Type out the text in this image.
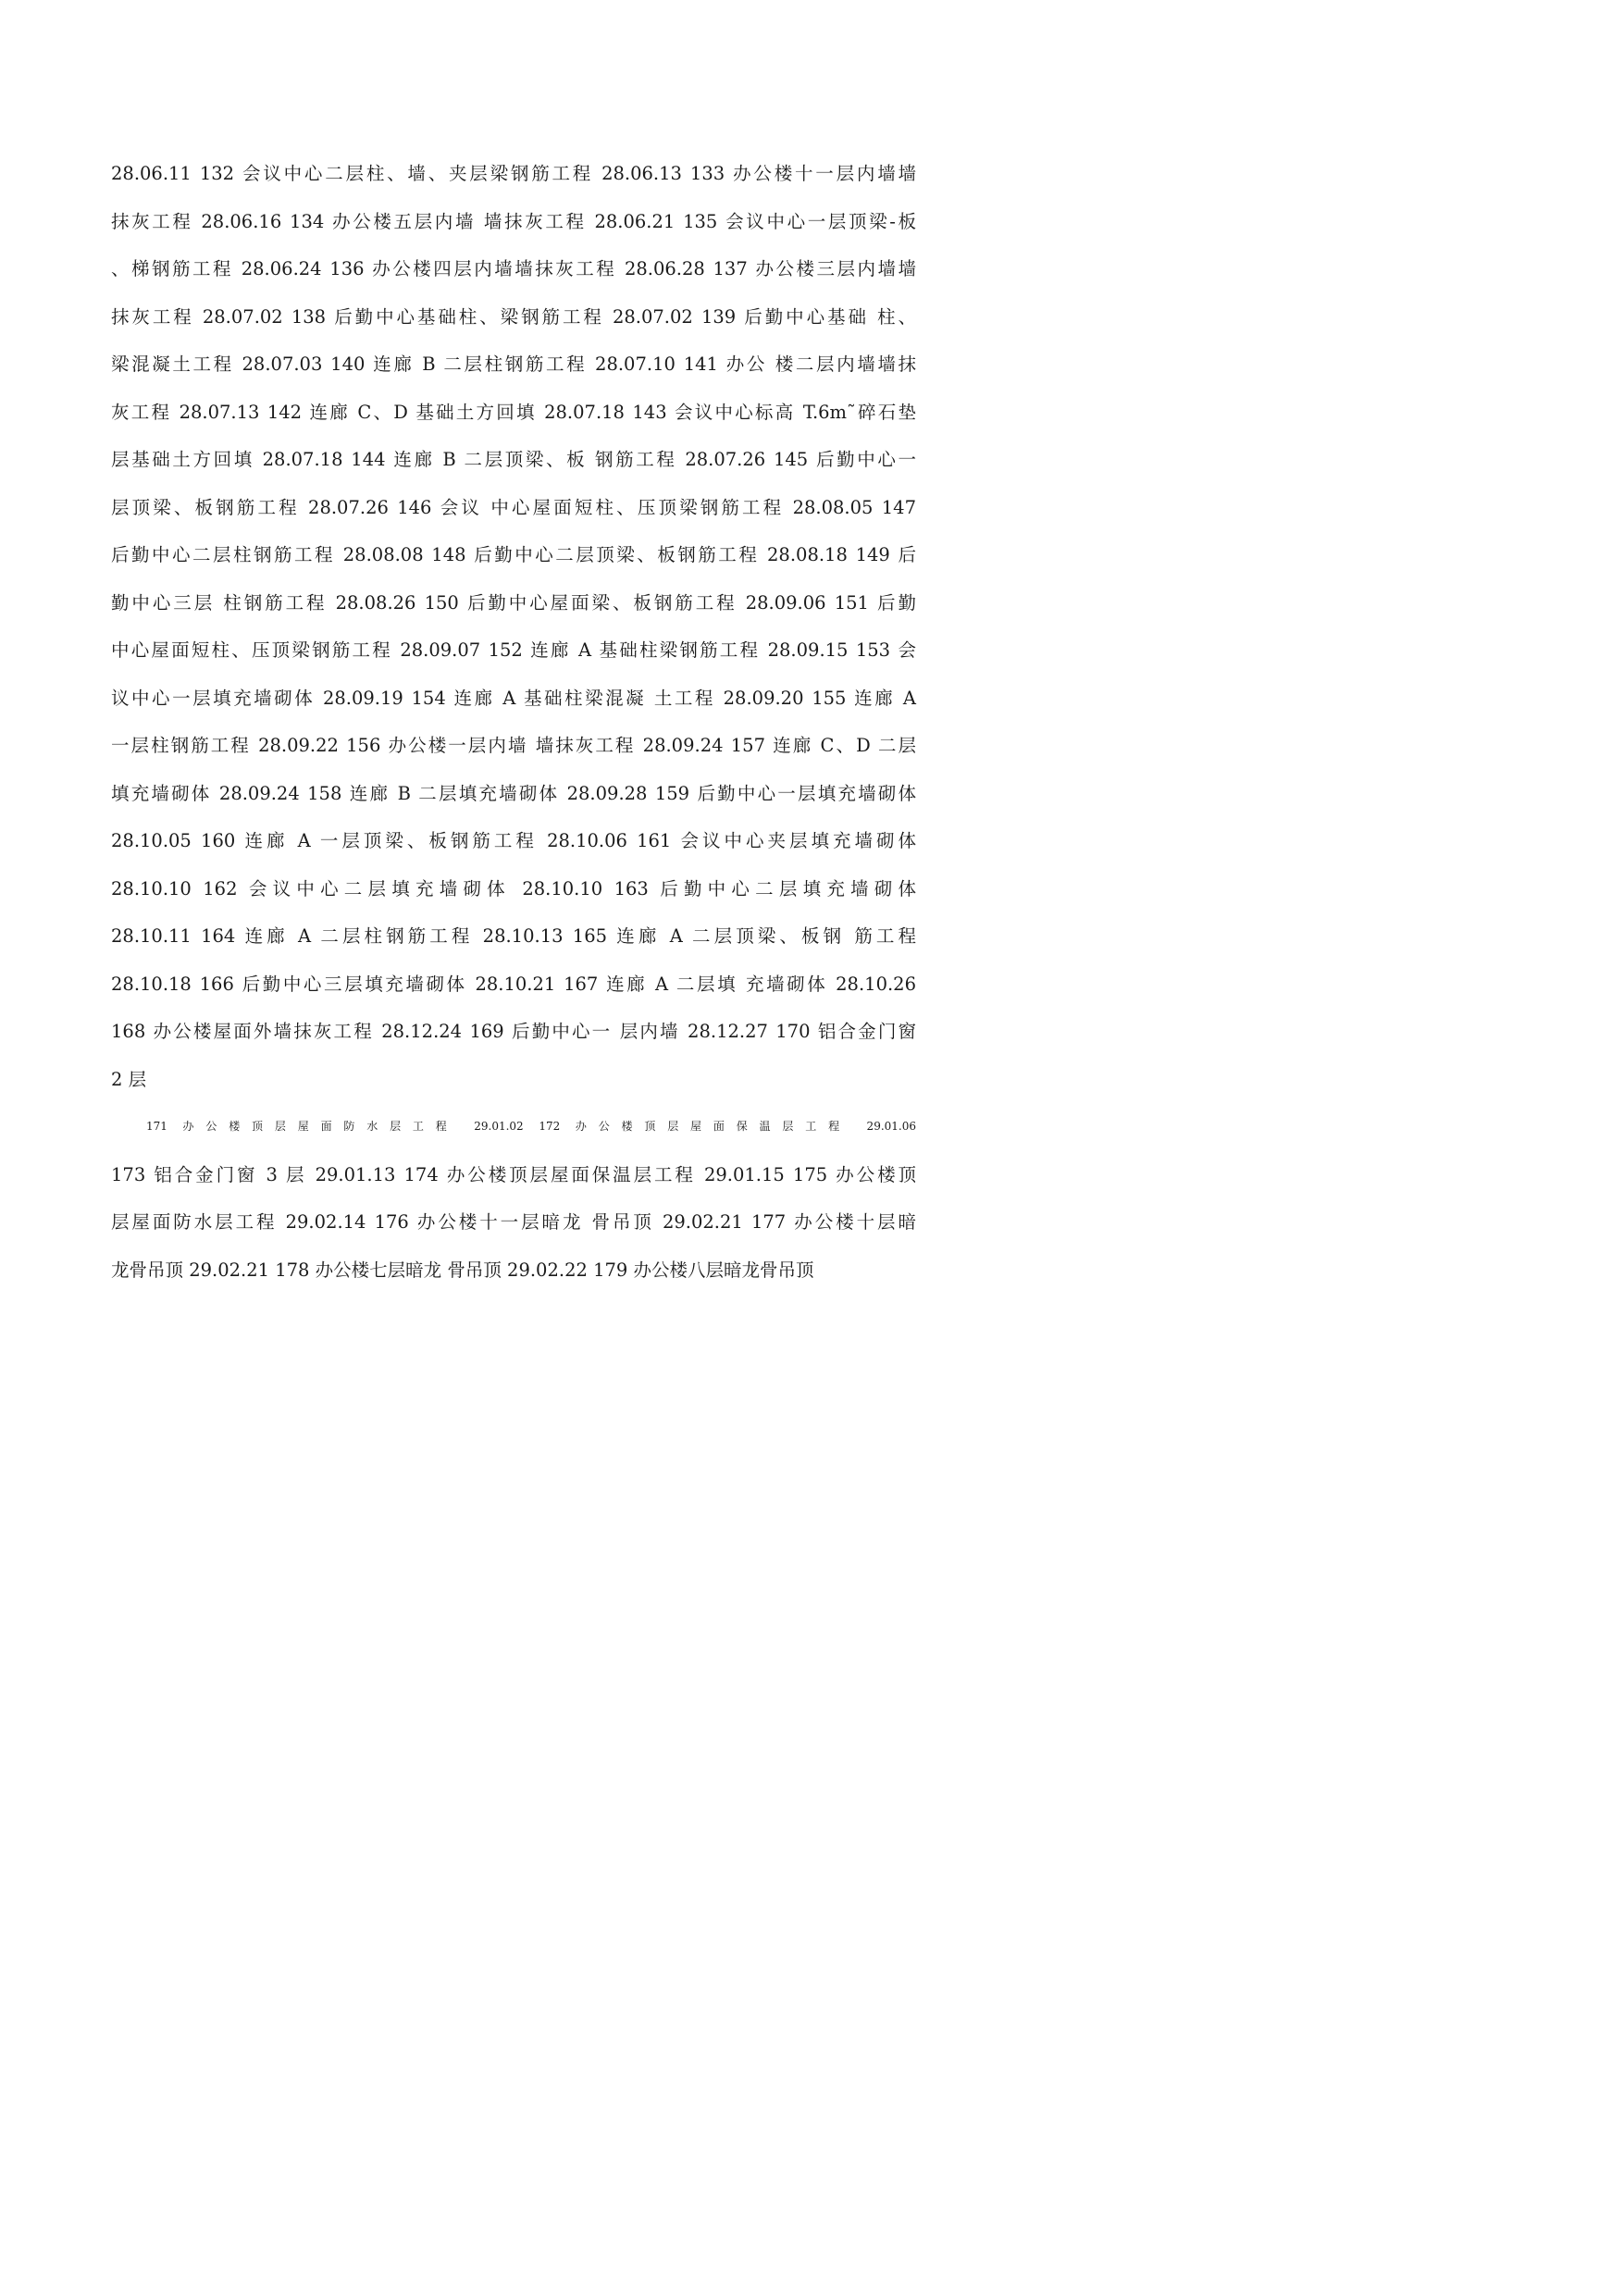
28.06.11 132 会议中心二层柱、墙、夹层梁钢筋工程 28.06.13 133 办公楼十一层内墙墙
抹灰工程 28.06.16 134 办公楼五层内墙 墙抹灰工程 28.06.21 135 会议中心一层顶梁-板
、梯钢筋工程 28.06.24 136 办公楼四层内墙墙抹灰工程 28.06.28 137 办公楼三层内墙墙
抹灰工程 28.07.02 138 后勤中心基础柱、梁钢筋工程 28.07.02 139 后勤中心基础 柱、
梁混凝土工程 28.07.03 140 连廊 B 二层柱钢筋工程 28.07.10 141 办公 楼二层内墙墙抹
灰工程 28.07.13 142 连廊 C、D 基础土方回填 28.07.18 143 会议中心标高 T.6m˜碎石垫
层基础土方回填 28.07.18 144 连廊 B 二层顶梁、板 钢筋工程 28.07.26 145 后勤中心一
层顶梁、板钢筋工程 28.07.26 146 会议 中心屋面短柱、压顶梁钢筋工程 28.08.05 147
后勤中心二层柱钢筋工程 28.08.08 148 后勤中心二层顶梁、板钢筋工程 28.08.18 149 后
勤中心三层 柱钢筋工程 28.08.26 150 后勤中心屋面梁、板钢筋工程 28.09.06 151 后勤
中心屋面短柱、压顶梁钢筋工程 28.09.07 152 连廊 A 基础柱梁钢筋工程 28.09.15 153 会
议中心一层填充墙砌体 28.09.19 154 连廊 A 基础柱梁混凝 土工程 28.09.20 155 连廊 A
一层柱钢筋工程 28.09.22 156 办公楼一层内墙 墙抹灰工程 28.09.24 157 连廊 C、D 二层
填充墙砌体 28.09.24 158 连廊 B 二层填充墙砌体 28.09.28 159 后勤中心一层填充墙砌体
28.10.05 160 连廊 A 一层顶梁、板钢筋工程 28.10.06 161 会议中心夹层填充墙砌体
28.10.10 162 会议中心二层填充墙砌体 28.10.10 163 后勤中心二层填充墙砌体
28.10.11 164 连廊 A 二层柱钢筋工程 28.10.13 165 连廊 A 二层顶梁、板钢 筋工程
28.10.18 166 后勤中心三层填充墙砌体 28.10.21 167 连廊 A 二层填 充墙砌体 28.10.26
168 办公楼屋面外墙抹灰工程 28.12.24 169 后勤中心一 层内墙 28.12.27 170 铝合金门窗
2 层
171 办公楼顶层屋面防水层工程 29.01.02 172 办公楼顶层屋面保温层工程 29.01.06
173 铝合金门窗 3 层 29.01.13 174 办公楼顶层屋面保温层工程 29.01.15 175 办公楼顶
层屋面防水层工程 29.02.14 176 办公楼十一层暗龙 骨吊顶 29.02.21 177 办公楼十层暗
龙骨吊顶 29.02.21 178 办公楼七层暗龙 骨吊顶 29.02.22 179 办公楼八层暗龙骨吊顶
